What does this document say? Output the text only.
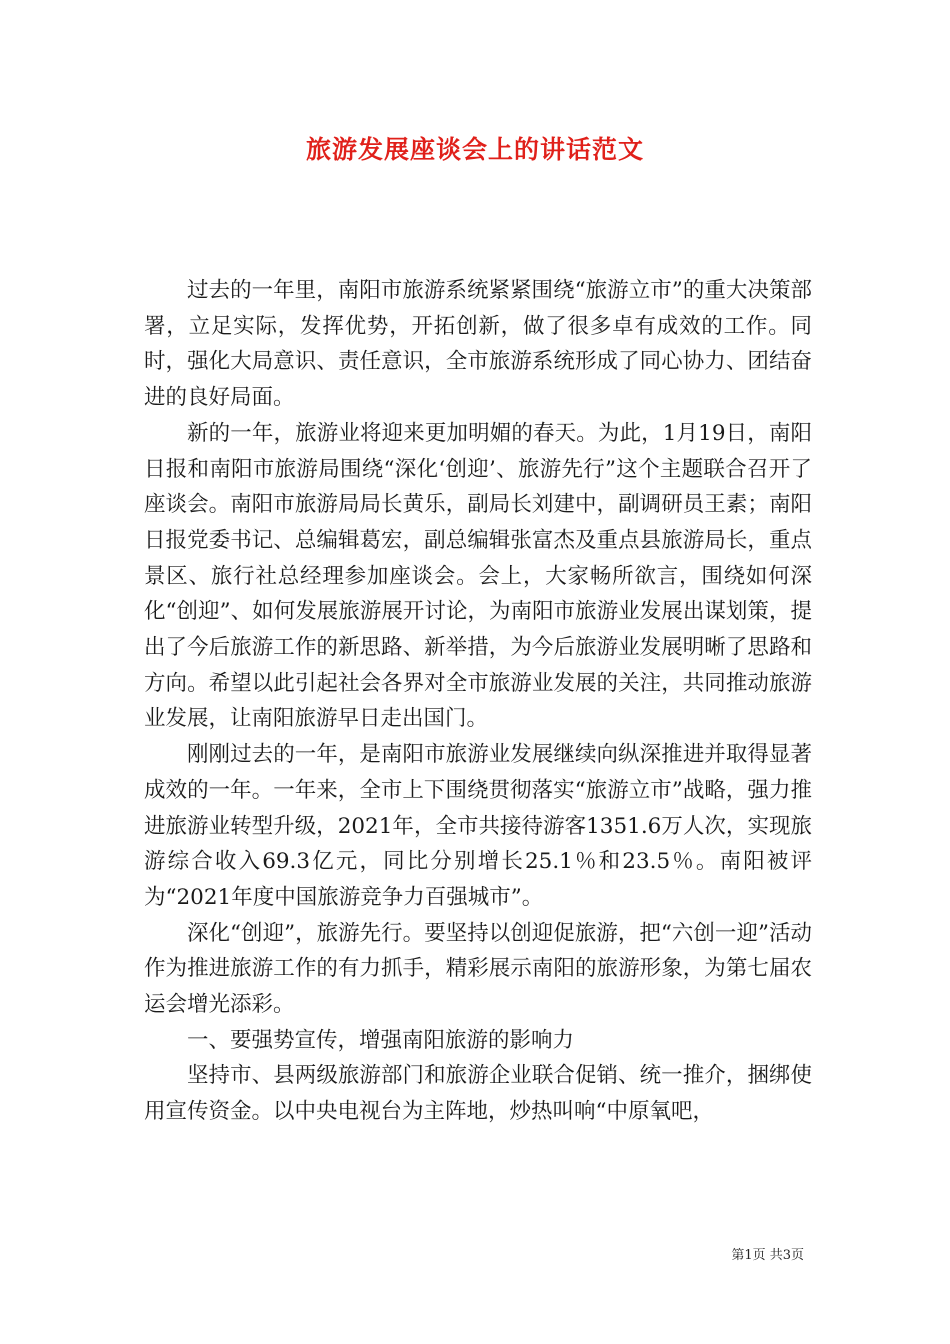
旅游发展座谈会上的讲话范文

过去的一年里，南阳市旅游系统紧紧围绕“旅游立市”的重大决策部署，立足实际，发挥优势，开拓创新，做了很多卓有成效的工作。同时，强化大局意识、责任意识，全市旅游系统形成了同心协力、团结奋进的良好局面。

新的一年，旅游业将迎来更加明媚的春天。为此，1月19日，南阳日报和南阳市旅游局围绕“深化‘创迎’、旅游先行”这个主题联合召开了座谈会。南阳市旅游局局长黄乐，副局长刘建中，副调研员王素；南阳日报党委书记、总编辑葛宏，副总编辑张富杰及重点县旅游局长，重点景区、旅行社总经理参加座谈会。会上，大家畅所欲言，围绕如何深化“创迎”、如何发展旅游展开讨论，为南阳市旅游业发展出谋划策，提出了今后旅游工作的新思路、新举措，为今后旅游业发展明晰了思路和方向。希望以此引起社会各界对全市旅游业发展的关注，共同推动旅游业发展，让南阳旅游早日走出国门。

刚刚过去的一年，是南阳市旅游业发展继续向纵深推进并取得显著成效的一年。一年来，全市上下围绕贯彻落实“旅游立市”战略，强力推进旅游业转型升级，2021年，全市共接待游客1351.6万人次，实现旅游综合收入69.3亿元，同比分别增长25.1％和23.5％。南阳被评为“2021年度中国旅游竞争力百强城市”。

深化“创迎”，旅游先行。要坚持以创迎促旅游，把“六创一迎”活动作为推进旅游工作的有力抓手，精彩展示南阳的旅游形象，为第七届农运会增光添彩。

一、要强势宣传，增强南阳旅游的影响力

坚持市、县两级旅游部门和旅游企业联合促销、统一推介，捆绑使用宣传资金。以中央电视台为主阵地，炒热叫响“中原氧吧，

第1页 共3页
